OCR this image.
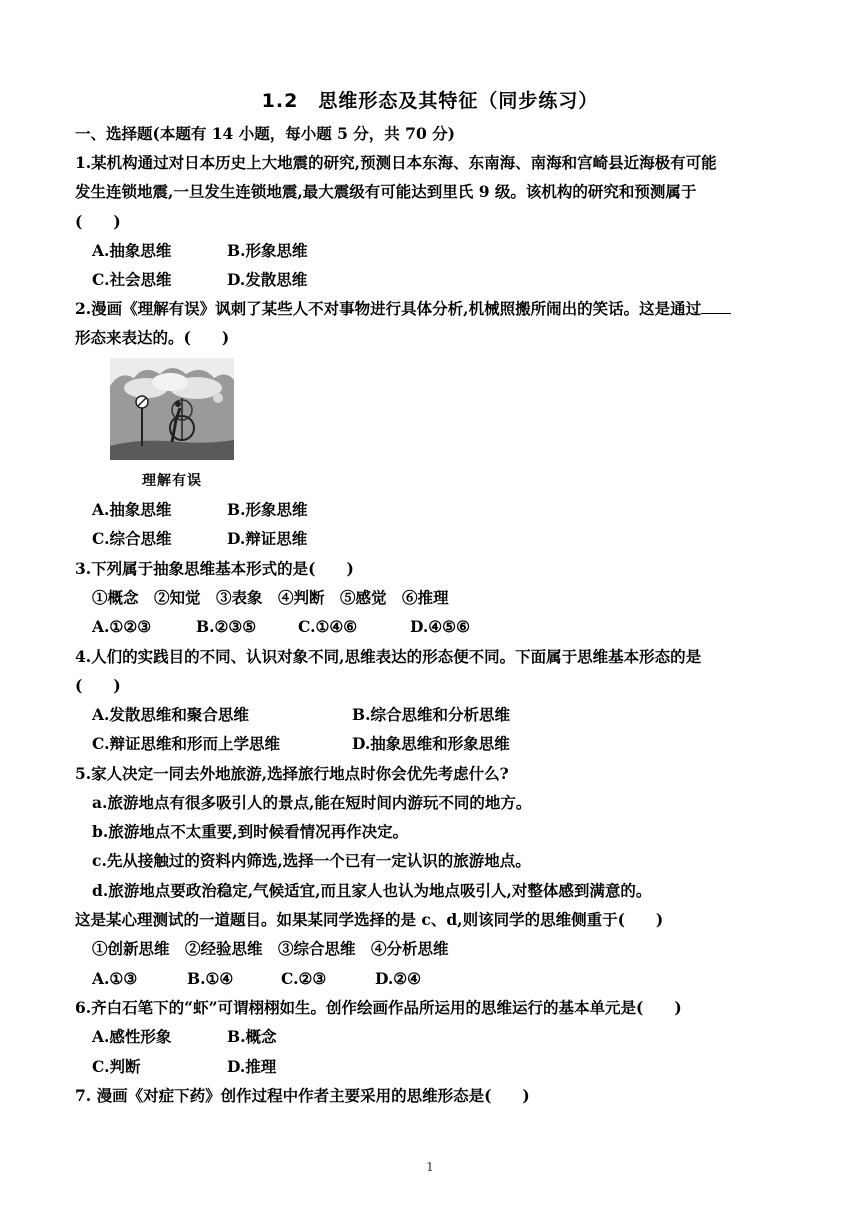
1.2　思维形态及其特征（同步练习）
一、选择题(本题有 14 小题，每小题 5 分，共 70 分)
1.某机构通过对日本历史上大地震的研究,预测日本东海、东南海、南海和宫崎县近海极有可能
发生连锁地震,一旦发生连锁地震,最大震级有可能达到里氏 9 级。该机构的研究和预测属于
(　　)
A.抽象思维	B.形象思维
C.社会思维	D.发散思维
2.漫画《理解有误》讽刺了某些人不对事物进行具体分析,机械照搬所闹出的笑话。这是通过
形态来表达的。(　　)
理解有误
A.抽象思维	B.形象思维
C.综合思维	D.辩证思维
3.下列属于抽象思维基本形式的是(　　)
①概念　②知觉　③表象　④判断　⑤感觉　⑥推理
A.①②③	B.②③⑤	C.①④⑥	D.④⑤⑥
4.人们的实践目的不同、认识对象不同,思维表达的形态便不同。下面属于思维基本形态的是
(　　)
A.发散思维和聚合思维	B.综合思维和分析思维
C.辩证思维和形而上学思维	D.抽象思维和形象思维
5.家人决定一同去外地旅游,选择旅行地点时你会优先考虑什么?
a.旅游地点有很多吸引人的景点,能在短时间内游玩不同的地方。
b.旅游地点不太重要,到时候看情况再作决定。
c.先从接触过的资料内筛选,选择一个已有一定认识的旅游地点。
d.旅游地点要政治稳定,气候适宜,而且家人也认为地点吸引人,对整体感到满意的。
这是某心理测试的一道题目。如果某同学选择的是 c、d,则该同学的思维侧重于(　　)
①创新思维　②经验思维　③综合思维　④分析思维
A.①③	B.①④	C.②③	D.②④
6.齐白石笔下的“虾”可谓栩栩如生。创作绘画作品所运用的思维运行的基本单元是(　　)
A.感性形象	B.概念
C.判断	D.推理
7. 漫画《对症下药》创作过程中作者主要采用的思维形态是(　　)
1
